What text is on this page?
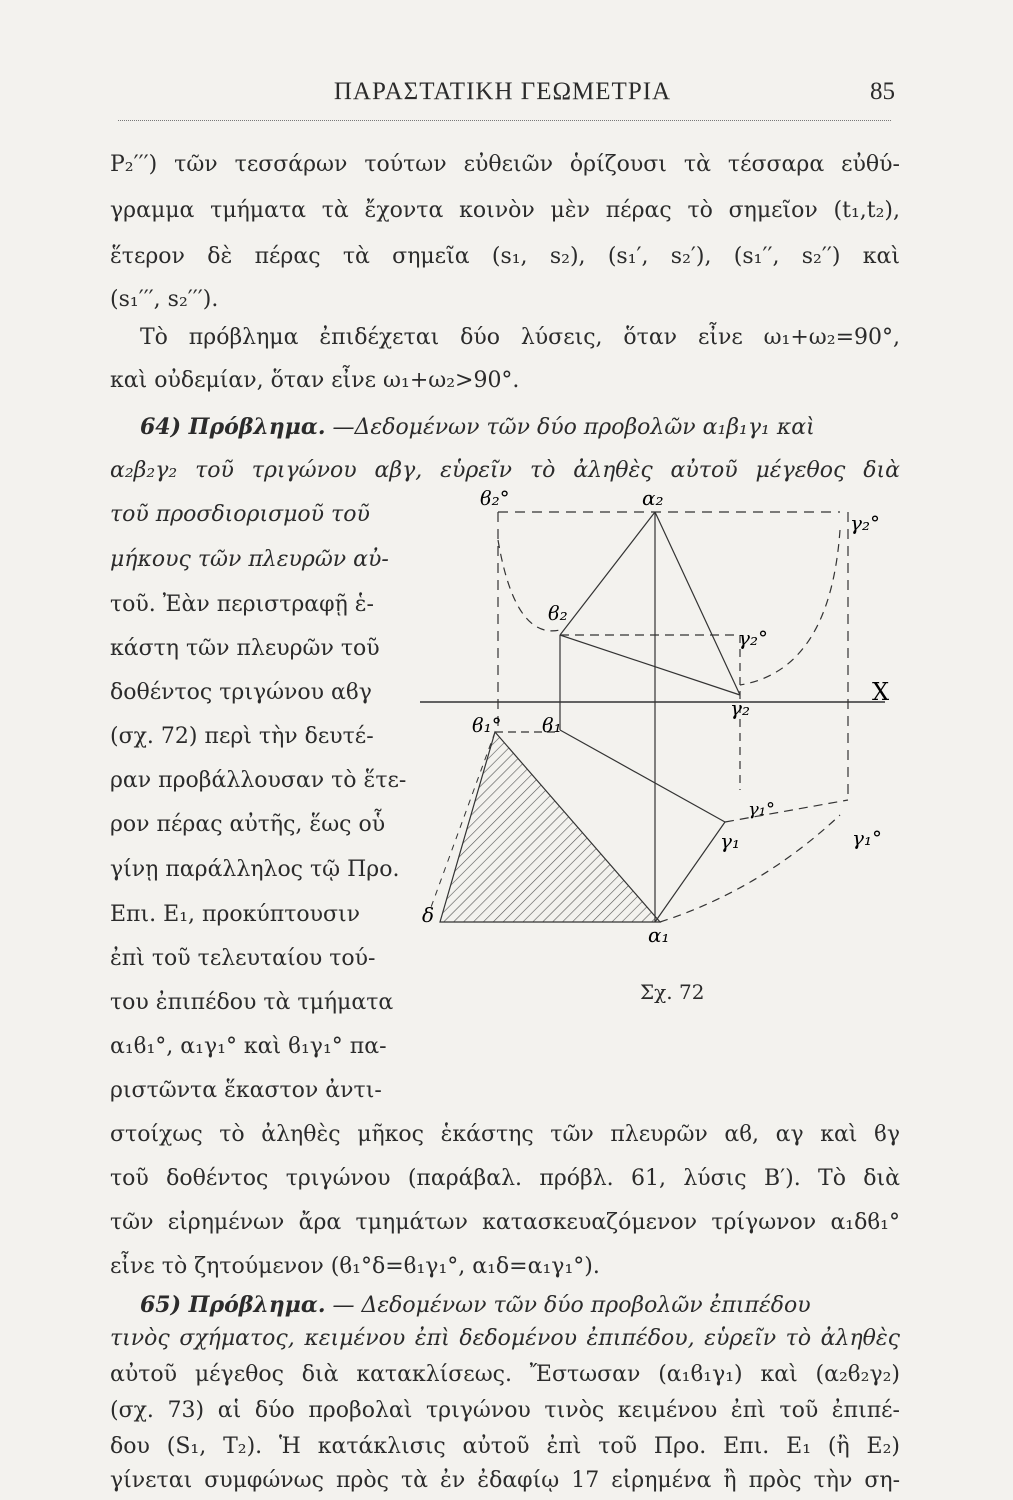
ΠΑΡΑΣΤΑΤΙΚΗ ΓΕΩΜΕΤΡΙΑ	85
P₂′′′) τῶν τεσσάρων τούτων εὐθειῶν ὁρίζουσι τὰ τέσσαρα εὐθύ-
γραμμα τμήματα τὰ ἔχοντα κοινὸν μὲν πέρας τὸ σημεῖον (t₁,t₂),
ἕτερον δὲ πέρας τὰ σημεῖα (s₁, s₂), (s₁′, s₂′), (s₁′′, s₂′′) καὶ
(s₁′′′, s₂′′′).
Τὸ πρόβλημα ἐπιδέχεται δύο λύσεις, ὅταν εἶνε ω₁+ω₂=90°,
καὶ οὐδεμίαν, ὅταν εἶνε ω₁+ω₂>90°.
64) Πρόβλημα. —Δεδομένων τῶν δύο προβολῶν α₁β₁γ₁ καὶ
α₂β₂γ₂ τοῦ τριγώνου αβγ, εὑρεῖν τὸ ἀληθὲς αὐτοῦ μέγεθος διὰ
τοῦ προσδιορισμοῦ τοῦ
μήκους τῶν πλευρῶν αὐ-
τοῦ. Ἐὰν περιστραφῇ ἑ-
κάστη τῶν πλευρῶν τοῦ
δοθέντος τριγώνου αϐγ
(σχ. 72) περὶ τὴν δευτέ-
ραν προβάλλουσαν τὸ ἕτε-
ρον πέρας αὐτῆς, ἕως οὗ
γίνῃ παράλληλος τῷ Προ.
Επι. Ε₁, προκύπτουσιν
ἐπὶ τοῦ τελευταίου τού-
του ἐπιπέδου τὰ τμήματα
α₁ϐ₁°, α₁γ₁° καὶ ϐ₁γ₁° πα-
ριστῶντα ἕκαστον ἀντι-
ϐ₂°	α₂
γ₂°
ϐ₂
γ₂°
γ₂
X
ϐ₁° ϐ₁
γ₁
γ₁°
γ₁°
α₁
δ
Σχ. 72
στοίχως τὸ ἀληθὲς μῆκος ἑκάστης τῶν πλευρῶν αϐ, αγ καὶ ϐγ
τοῦ δοθέντος τριγώνου (παράβαλ. πρόβλ. 61, λύσις Β′). Τὸ διὰ
τῶν εἰρημένων ἄρα τμημάτων κατασκευαζόμενον τρίγωνον α₁δϐ₁°
εἶνε τὸ ζητούμενον (ϐ₁°δ=ϐ₁γ₁°, α₁δ=α₁γ₁°).
65) Πρόβλημα. — Δεδομένων τῶν δύο προβολῶν ἐπιπέδου
τινὸς σχήματος, κειμένου ἐπὶ δεδομένου ἐπιπέδου, εὑρεῖν τὸ ἀληθὲς
αὐτοῦ μέγεθος διὰ κατακλίσεως. Ἔστωσαν (α₁ϐ₁γ₁) καὶ (α₂ϐ₂γ₂)
(σχ. 73) αἱ δύο προβολαὶ τριγώνου τινὸς κειμένου ἐπὶ τοῦ ἐπιπέ-
δου (S₁, T₂). Ἡ κατάκλισις αὐτοῦ ἐπὶ τοῦ Προ. Επι. Ε₁ (ἢ Ε₂)
γίνεται συμφώνως πρὸς τὰ ἐν ἐδαφίῳ 17 εἰρημένα ἢ πρὸς τὴν ση-
